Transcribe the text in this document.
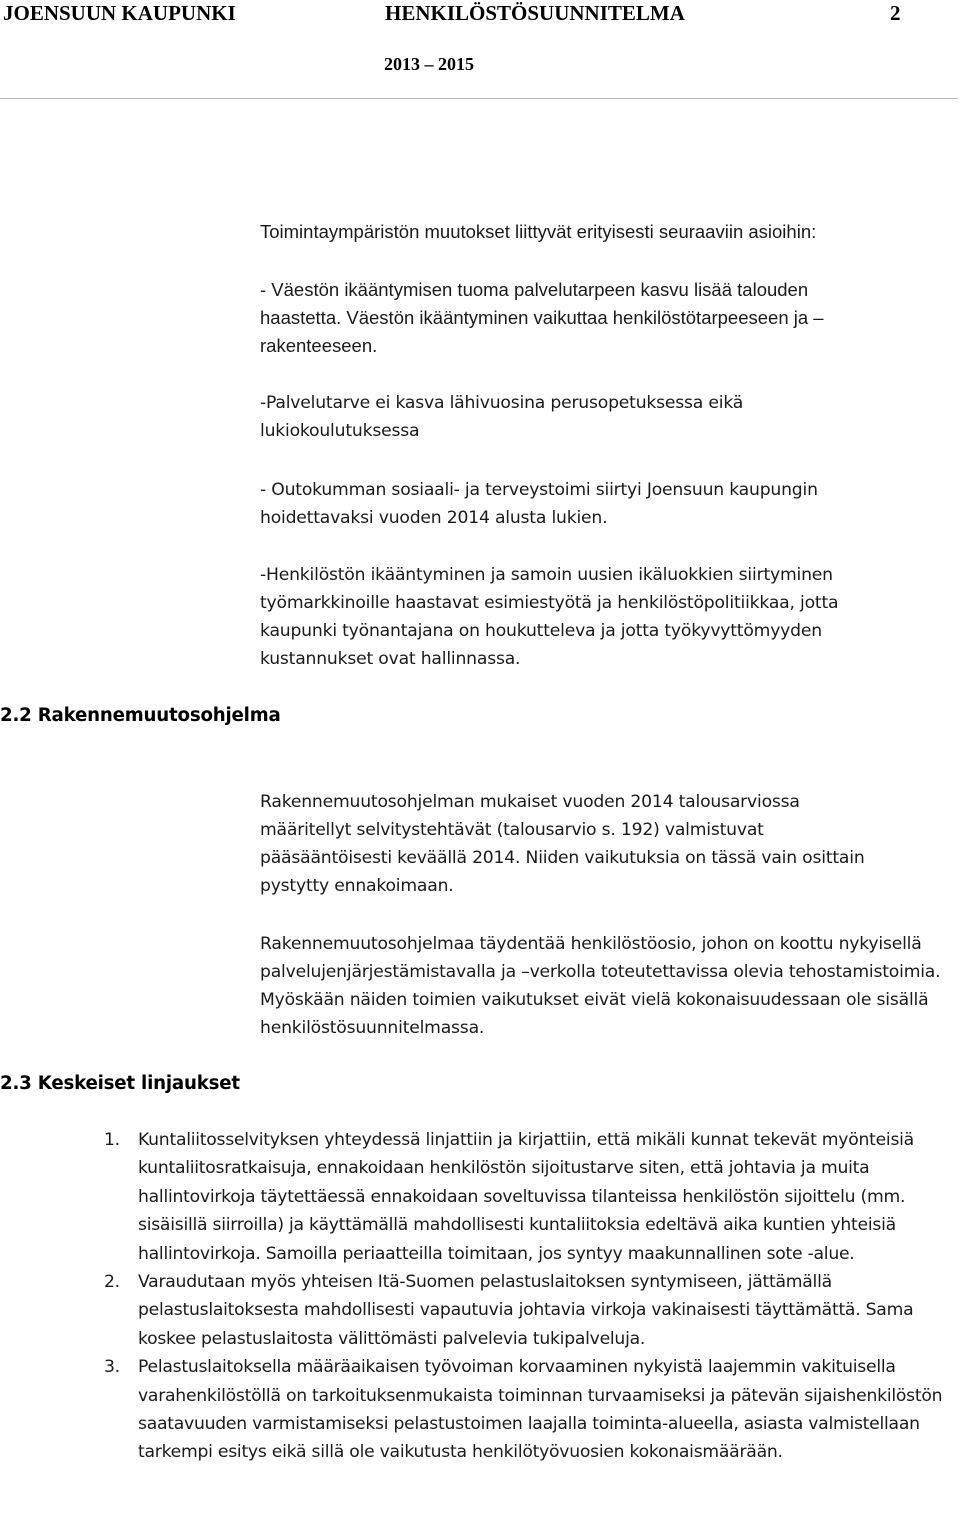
JOENSUUN KAUPUNKI	HENKILÖSTÖSUUNNITELMA	2
2013 – 2015
Toimintaympäristön muutokset liittyvät erityisesti seuraaviin asioihin:
- Väestön ikääntymisen tuoma palvelutarpeen kasvu lisää talouden
haastetta. Väestön ikääntyminen vaikuttaa henkilöstötarpeeseen ja –
rakenteeseen.
-Palvelutarve ei kasva lähivuosina perusopetuksessa eikä lukiokoulutuksessa
- Outokumman sosiaali- ja terveystoimi siirtyi Joensuun kaupungin hoidettavaksi vuoden 2014 alusta lukien.
-Henkilöstön ikääntyminen ja samoin uusien ikäluokkien siirtyminen työmarkkinoille haastavat esimiestyötä ja henkilöstöpolitiikkaa, jotta kaupunki työnantajana on houkutteleva ja jotta työkyvyttömyyden kustannukset ovat hallinnassa.
2.2 Rakennemuutosohjelma
Rakennemuutosohjelman mukaiset vuoden 2014 talousarviossa määritellyt selvitystehtävät (talousarvio s. 192) valmistuvat pääsääntöisesti keväällä 2014. Niiden vaikutuksia on tässä vain osittain pystytty ennakoimaan.
Rakennemuutosohjelmaa täydentää henkilöstöosio, johon on koottu nykyisellä palvelujenjärjestämistavalla ja –verkolla toteutettavissa olevia tehostamistoimia. Myöskään näiden toimien vaikutukset eivät vielä kokonaisuudessaan ole sisällä henkilöstösuunnitelmassa.
2.3 Keskeiset linjaukset
1. Kuntaliitosselvityksen yhteydessä linjattiin ja kirjattiin, että mikäli kunnat tekevät myönteisiä kuntaliitosratkaisuja, ennakoidaan henkilöstön sijoitustarve siten, että johtavia ja muita hallintovirkoja täytettäessä ennakoidaan soveltuvissa tilanteissa henkilöstön sijoittelu (mm. sisäisillä siirroilla) ja käyttämällä mahdollisesti kuntaliitoksia edeltävä aika kuntien yhteisiä hallintovirkoja. Samoilla periaatteilla toimitaan, jos syntyy maakunnallinen sote -alue.
2. Varaudutaan myös yhteisen Itä-Suomen pelastuslaitoksen syntymiseen, jättämällä pelastuslaitoksesta mahdollisesti vapautuvia johtavia virkoja vakinaisesti täyttämättä. Sama koskee pelastuslaitosta välittömästi palvelevia tukipalveluja.
3. Pelastuslaitoksella määräaikaisen työvoiman korvaaminen nykyistä laajemmin vakituisella varahenkilöstöllä on tarkoituksenmukaista toiminnan turvaamiseksi ja pätevän sijaishenkilöstön saatavuuden varmistamiseksi pelastustoimen laajalla toiminta-alueella, asiasta valmistellaan tarkempi esitys eikä sillä ole vaikutusta henkilötyövuosien kokonaismäärään.
